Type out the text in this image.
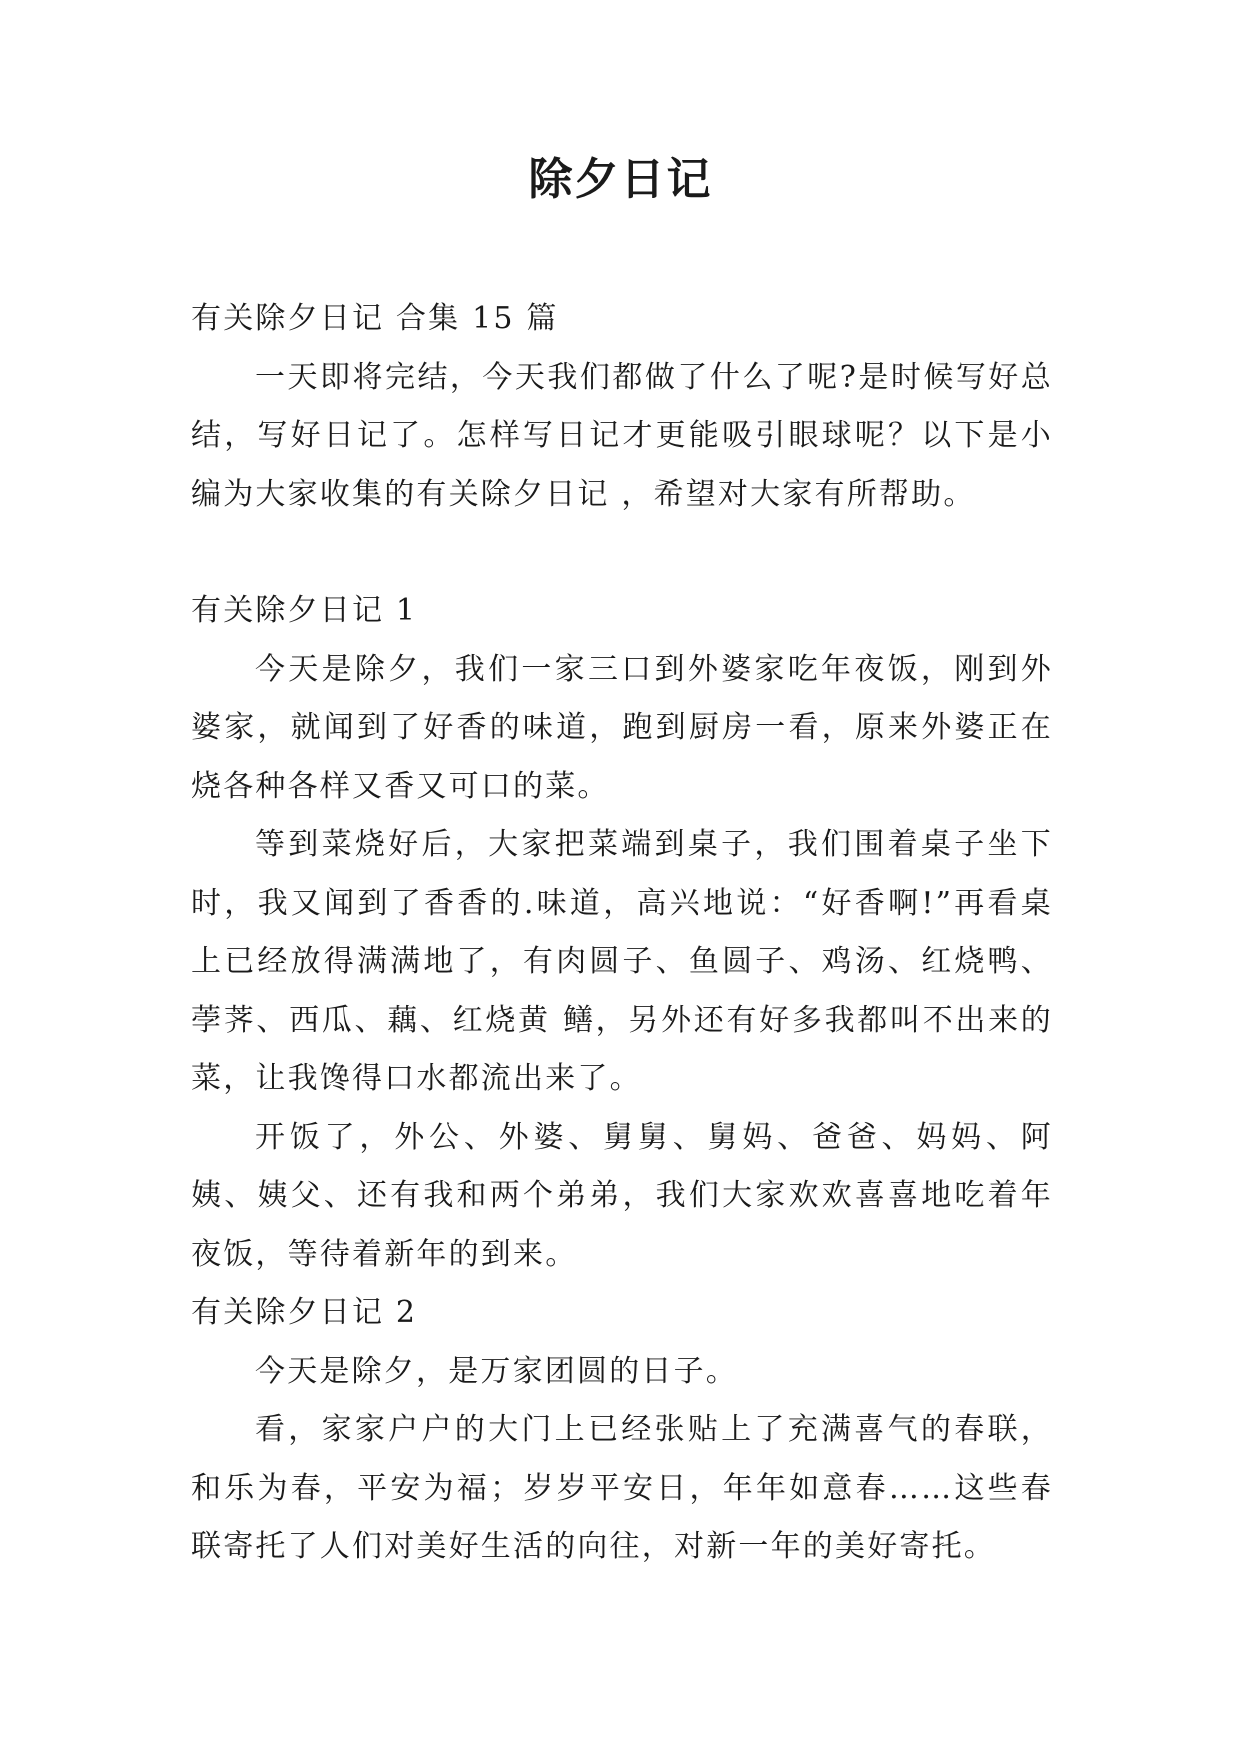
除夕日记

有关除夕日记 合集 15 篇

一天即将完结，今天我们都做了什么了呢?是时候写好总结，写好日记了。怎样写日记才更能吸引眼球呢？以下是小编为大家收集的有关除夕日记 ，希望对大家有所帮助。

有关除夕日记 1

今天是除夕，我们一家三口到外婆家吃年夜饭，刚到外婆家，就闻到了好香的味道，跑到厨房一看，原来外婆正在烧各种各样又香又可口的菜。

等到菜烧好后，大家把菜端到桌子，我们围着桌子坐下时，我又闻到了香香的.味道，高兴地说：“好香啊!”再看桌上已经放得满满地了，有肉圆子、鱼圆子、鸡汤、红烧鸭、荸荠、西瓜、藕、红烧黄 鳝，另外还有好多我都叫不出来的菜，让我馋得口水都流出来了。

开饭了，外公、外婆、舅舅、舅妈、爸爸、妈妈、阿姨、姨父、还有我和两个弟弟，我们大家欢欢喜喜地吃着年夜饭，等待着新年的到来。

有关除夕日记 2

今天是除夕，是万家团圆的日子。

看，家家户户的大门上已经张贴上了充满喜气的春联，和乐为春，平安为福；岁岁平安日，年年如意春……这些春联寄托了人们对美好生活的向往，对新一年的美好寄托。
